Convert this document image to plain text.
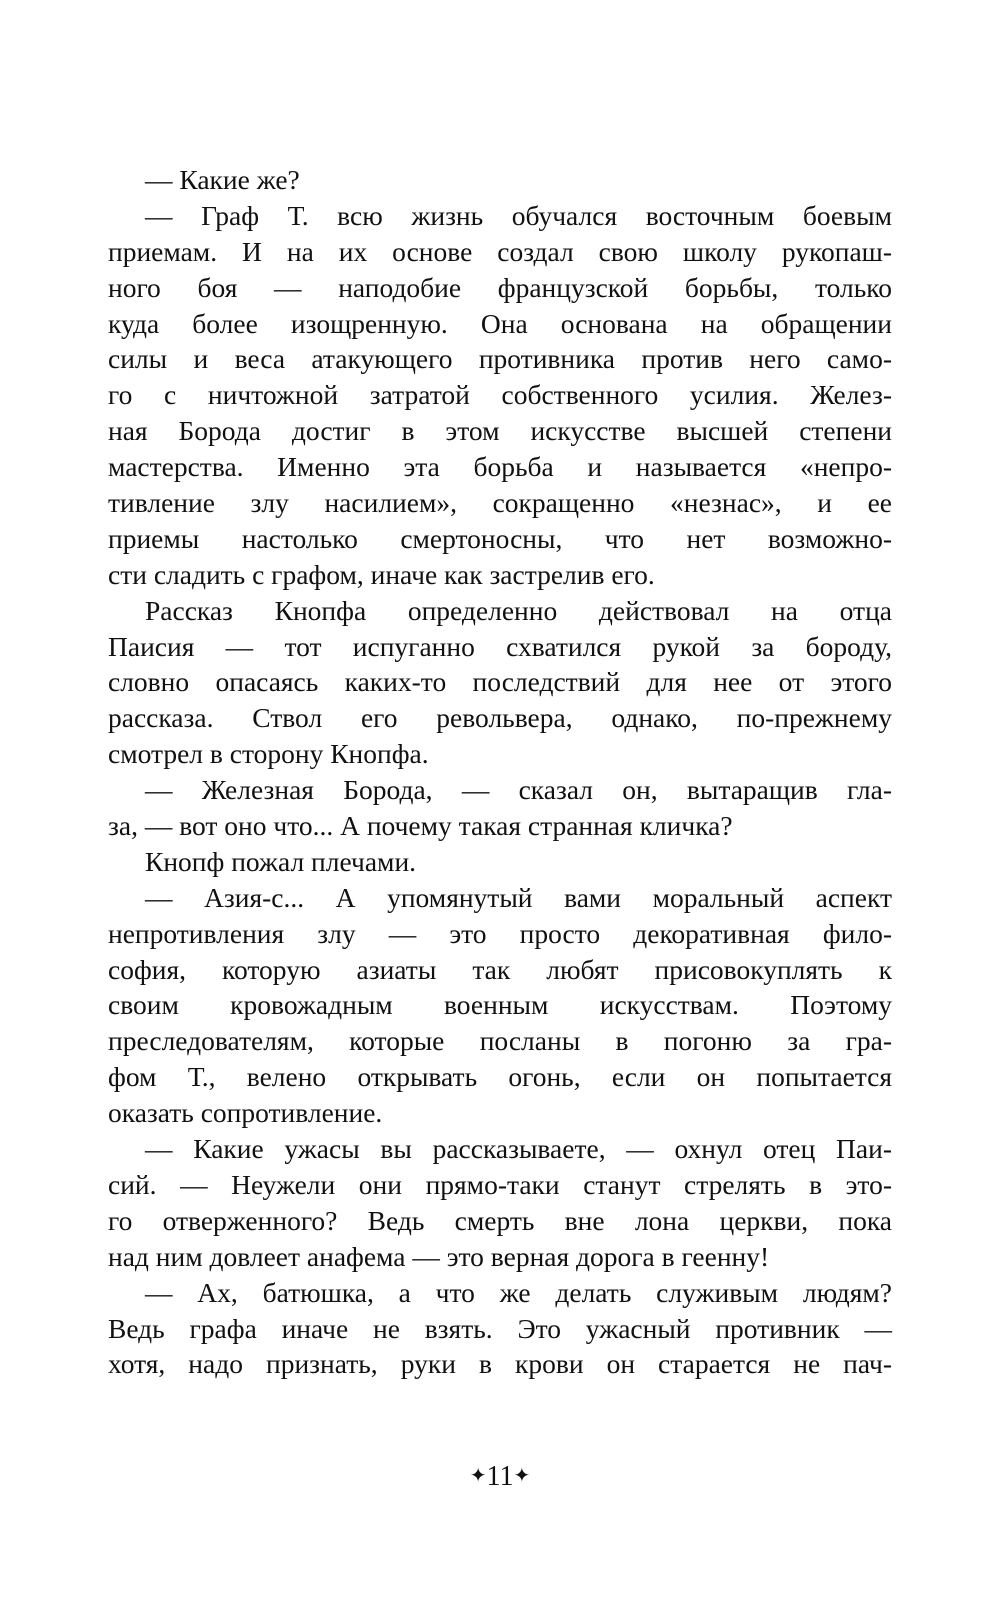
— Какие же?
— Граф Т. всю жизнь обучался восточным боевым
приемам. И на их основе создал свою школу рукопаш-
ного боя — наподобие французской борьбы, только
куда более изощренную. Она основана на обращении
силы и веса атакующего противника против него само-
го с ничтожной затратой собственного усилия. Желез-
ная Борода достиг в этом искусстве высшей степени
мастерства. Именно эта борьба и называется «непро-
тивление злу насилием», сокращенно «незнас», и ее
приемы настолько смертоносны, что нет возможно-
сти сладить с графом, иначе как застрелив его.
Рассказ Кнопфа определенно действовал на отца
Паисия — тот испуганно схватился рукой за бороду,
словно опасаясь каких-то последствий для нее от этого
рассказа. Ствол его револьвера, однако, по-прежнему
смотрел в сторону Кнопфа.
— Железная Борода, — сказал он, вытаращив гла-
за, — вот оно что... А почему такая странная кличка?
Кнопф пожал плечами.
— Азия-с... А упомянутый вами моральный аспект
непротивления злу — это просто декоративная фило-
софия, которую азиаты так любят присовокуплять к
своим кровожадным военным искусствам. Поэтому
преследователям, которые посланы в погоню за гра-
фом Т., велено открывать огонь, если он попытается
оказать сопротивление.
— Какие ужасы вы рассказываете, — охнул отец Паи-
сий. — Неужели они прямо-таки станут стрелять в это-
го отверженного? Ведь смерть вне лона церкви, пока
над ним довлеет анафема — это верная дорога в геенну!
— Ах, батюшка, а что же делать служивым людям?
Ведь графа иначе не взять. Это ужасный противник —
хотя, надо признать, руки в крови он старается не пач-
✦11✦
